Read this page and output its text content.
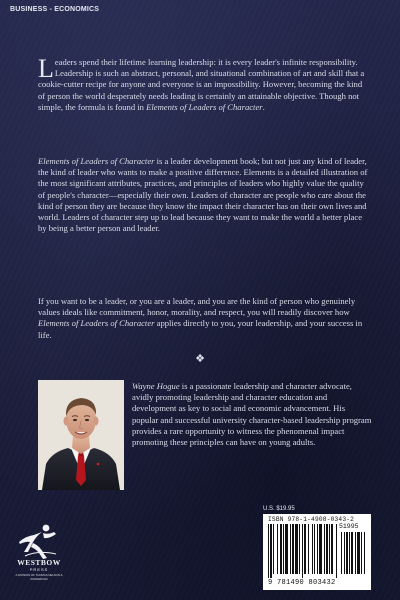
BUSINESS - ECONOMICS

Leaders spend their lifetime learning leadership: it is every leader's infinite responsibility. Leadership is such an abstract, personal, and situational combination of art and skill that a cookie-cutter recipe for anyone and everyone is an impossibility. However, becoming the kind of person the world desperately needs leading is certainly an attainable objective. Though not simple, the formula is found in Elements of Leaders of Character.

Elements of Leaders of Character is a leader development book; but not just any kind of leader, the kind of leader who wants to make a positive difference. Elements is a detailed illustration of the most significant attributes, practices, and principles of leaders who highly value the quality of people's character—especially their own. Leaders of character are people who care about the kind of person they are because they know the impact their character has on their own lives and world. Leaders of character step up to lead because they want to make the world a better place by being a better person and leader.

If you want to be a leader, or you are a leader, and you are the kind of person who genuinely values ideals like commitment, honor, morality, and respect, you will readily discover how Elements of Leaders of Character applies directly to you, your leadership, and your success in life.

❖

Wayne Hogue is a passionate leadership and character advocate, avidly promoting leadership and character education and development as key to social and economic advancement. His popular and successful university character-based leadership program provides a rare opportunity to witness the phenomenal impact promoting these principles can have on young adults.

WESTBOW
PRESS
A DIVISION OF THOMAS NELSON & ZONDERVAN
U.S. $19.95
ISBN 978-1-4908-0343-2
51995
9 781490 803432
